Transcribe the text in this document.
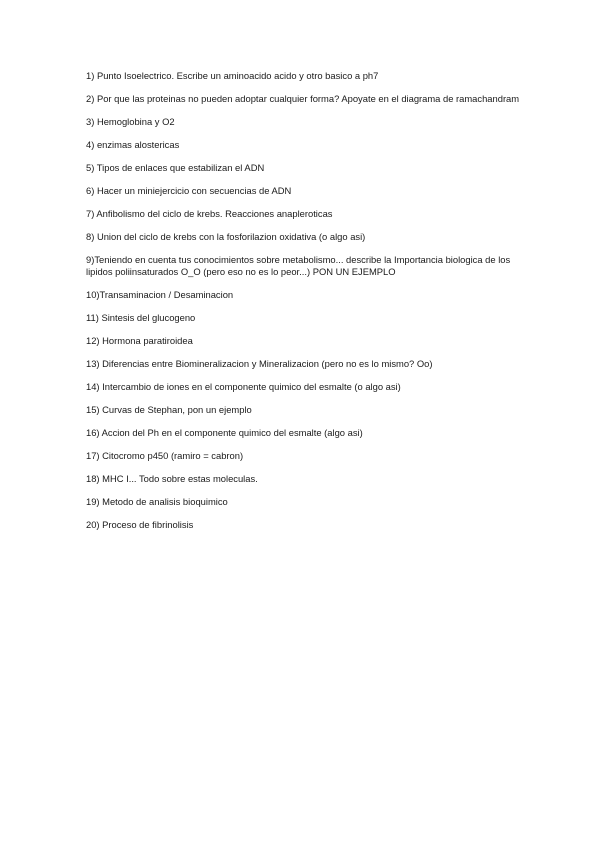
1) Punto Isoelectrico. Escribe un aminoacido acido y otro basico a ph7
2) Por que las proteinas no pueden adoptar cualquier forma? Apoyate en el diagrama de ramachandram
3) Hemoglobina y O2
4) enzimas alostericas
5) Tipos de enlaces que estabilizan el ADN
6) Hacer un miniejercicio con secuencias de ADN
7) Anfibolismo del ciclo de krebs. Reacciones anapleroticas
8) Union del ciclo de krebs con la fosforilazion oxidativa (o algo asi)
9)Teniendo en cuenta tus conocimientos sobre metabolismo... describe la Importancia biologica de los lipidos poliinsaturados O_O (pero eso no es lo peor...) PON UN EJEMPLO
10)Transaminacion / Desaminacion
11) Sintesis del glucogeno
12) Hormona paratiroidea
13) Diferencias entre Biomineralizacion y Mineralizacion (pero no es lo mismo? Oo)
14) Intercambio de iones en el componente quimico del esmalte (o algo asi)
15) Curvas de Stephan, pon un ejemplo
16) Accion del Ph en el componente quimico del esmalte (algo asi)
17) Citocromo p450 (ramiro = cabron)
18) MHC I... Todo sobre estas moleculas.
19) Metodo de analisis bioquimico
20) Proceso de fibrinolisis
